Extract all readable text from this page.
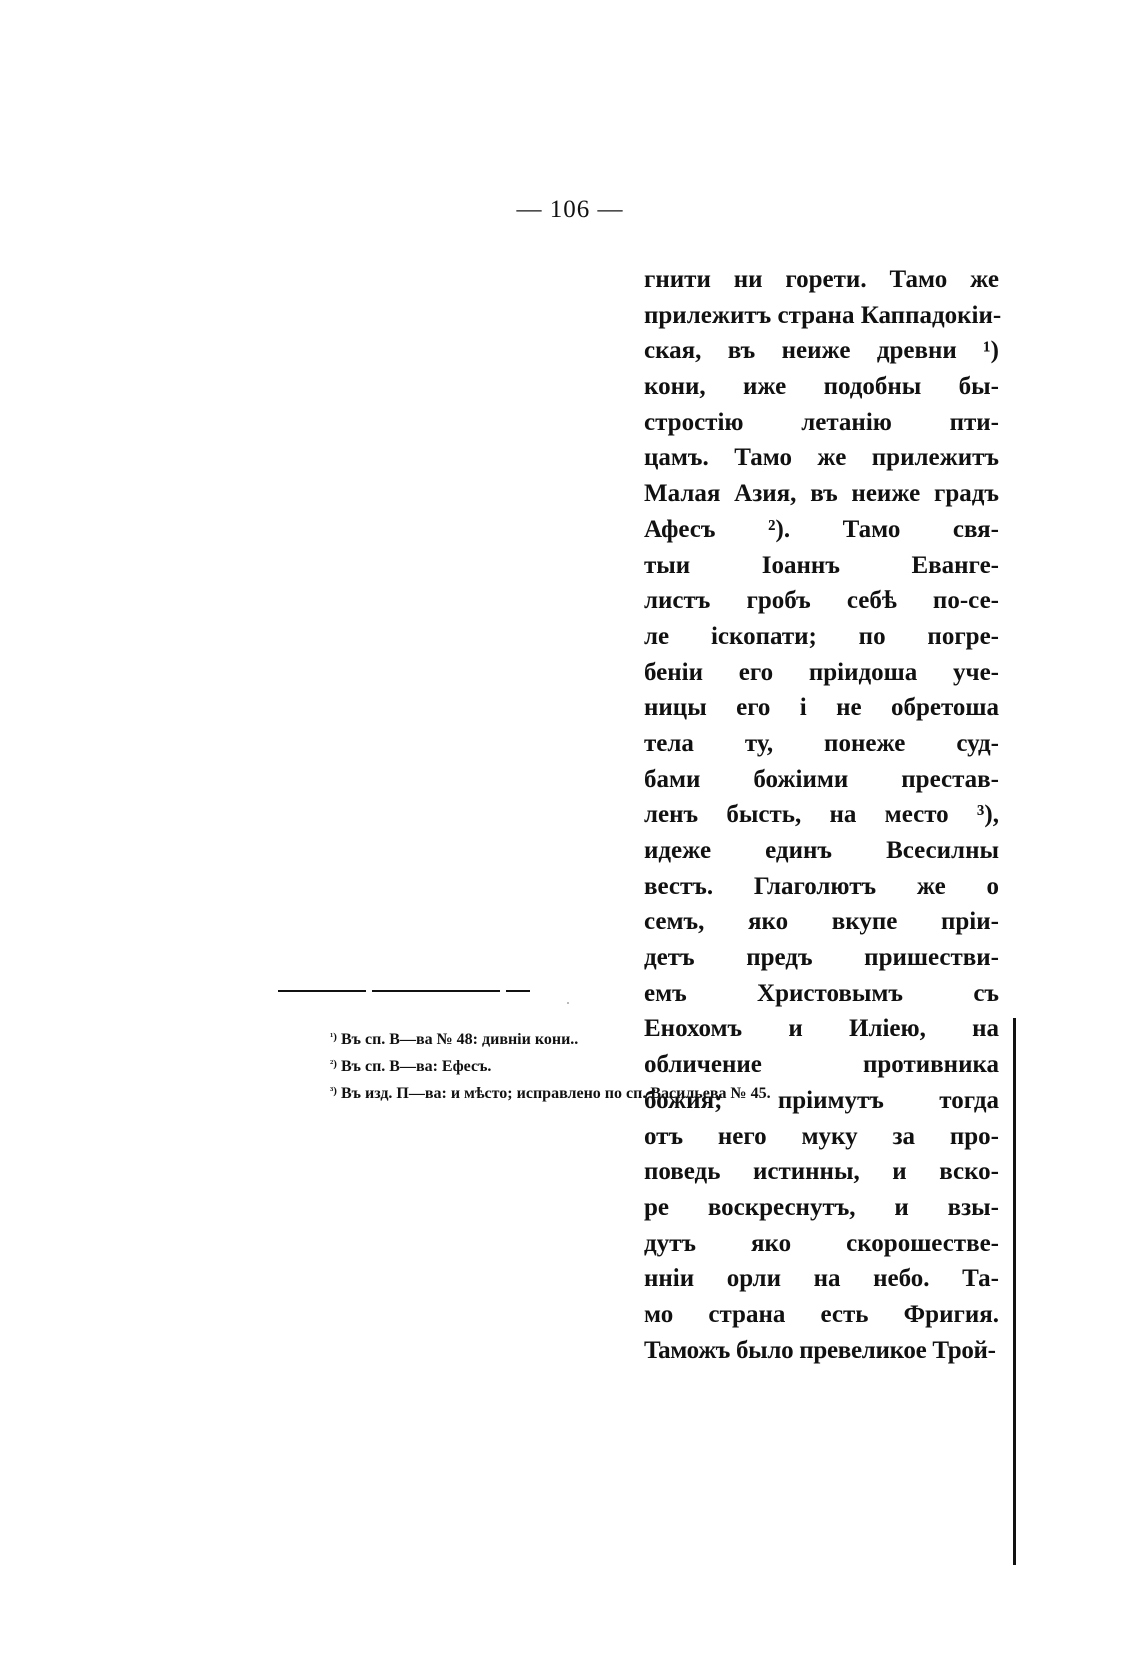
— 106 —
гнити ни горети. Тамо же
прилежитъ страна Каппадокiи-
ская, въ неиже древни ¹)
кони, иже подобны бы-
стростiю летанiю пти-
цамъ. Тамо же прилежитъ
Малая Азия, въ неиже градъ
Афесъ ²). Тамо свя-
тыи Iоаннъ Еванге-
листъ гробъ себѣ по-се-
ле iскопати; по погре-
бенiи его прiидоша уче-
ницы его i не обретоша
тела ту, понеже суд-
бами божiими престав-
ленъ бысть, на место ³),
идеже единъ Всесилны
вестъ. Глаголютъ же о
семъ, яко вкупе прiи-
детъ предъ пришестви-
емъ Христовымъ съ
Енохомъ и Илiею, на
обличение противника
божия; прiимутъ тогда
отъ него муку за про-
поведь истинны, и вско-
ре воскреснутъ, и взы-
дутъ яко скорошестве-
нніи орли на небо. Та-
мо страна есть Фригия.
Taможъ было превеликое Трой-
$^{^1)}$ Въ сп. В—ва № 48: дивнiи кони..
$^{^2)}$ Въ сп. В—ва: Ефесъ.
$^{^3)}$ Въ изд. П—ва: и мѣсто; исправлено по сп. Васильева № 45.
